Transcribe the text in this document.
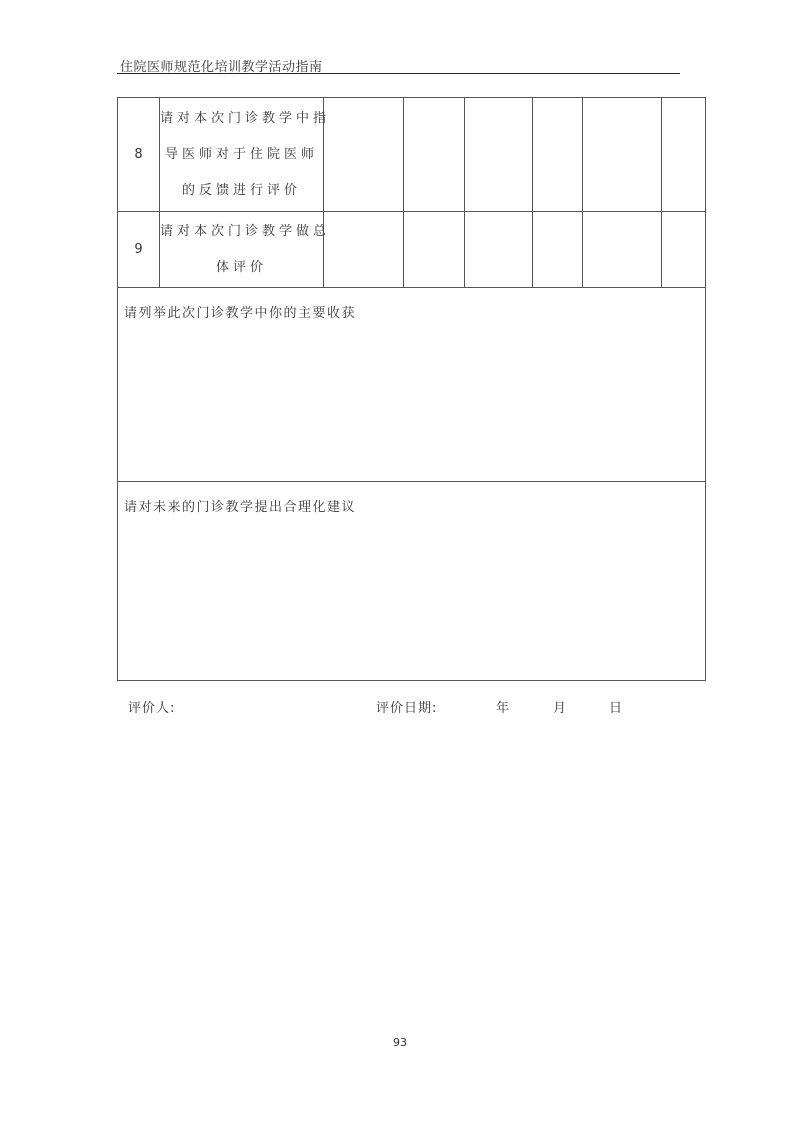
住院医师规范化培训教学活动指南
8	请对本次门诊教学中指
导医师对于住院医师
的反馈进行评价						

9	请对本次门诊教学做总
体评价						

请列举此次门诊教学中你的主要收获							
请对未来的门诊教学提出合理化建议							
评价人:	评价日期:	年	月	日
93
